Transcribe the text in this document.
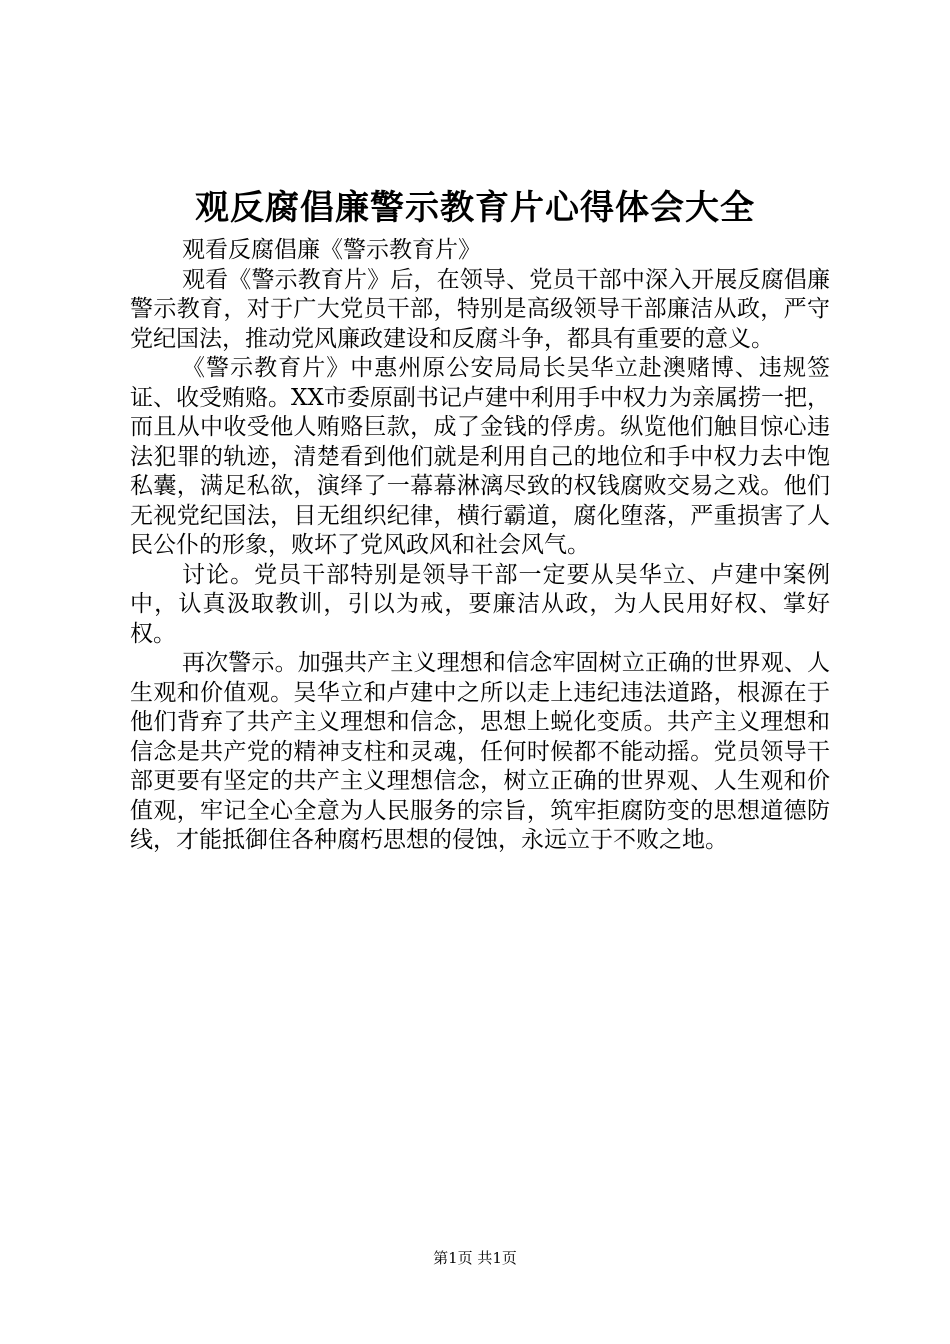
观反腐倡廉警示教育片心得体会大全

观看反腐倡廉《警示教育片》

观看《警示教育片》后，在领导、党员干部中深入开展反腐倡廉警示教育，对于广大党员干部，特别是高级领导干部廉洁从政，严守党纪国法，推动党风廉政建设和反腐斗争，都具有重要的意义。

《警示教育片》中惠州原公安局局长吴华立赴澳赌博、违规签证、收受贿赂。XX市委原副书记卢建中利用手中权力为亲属捞一把，而且从中收受他人贿赂巨款，成了金钱的俘虏。纵览他们触目惊心违法犯罪的轨迹，清楚看到他们就是利用自己的地位和手中权力去中饱私囊，满足私欲，演绎了一幕幕淋漓尽致的权钱腐败交易之戏。他们无视党纪国法，目无组织纪律，横行霸道，腐化堕落，严重损害了人民公仆的形象，败坏了党风政风和社会风气。

讨论。党员干部特别是领导干部一定要从吴华立、卢建中案例中，认真汲取教训，引以为戒，要廉洁从政，为人民用好权、掌好权。

再次警示。加强共产主义理想和信念牢固树立正确的世界观、人生观和价值观。吴华立和卢建中之所以走上违纪违法道路，根源在于他们背弃了共产主义理想和信念，思想上蜕化变质。共产主义理想和信念是共产党的精神支柱和灵魂，任何时候都不能动摇。党员领导干部更要有坚定的共产主义理想信念，树立正确的世界观、人生观和价值观，牢记全心全意为人民服务的宗旨，筑牢拒腐防变的思想道德防线，才能抵御住各种腐朽思想的侵蚀，永远立于不败之地。

第1页 共1页
